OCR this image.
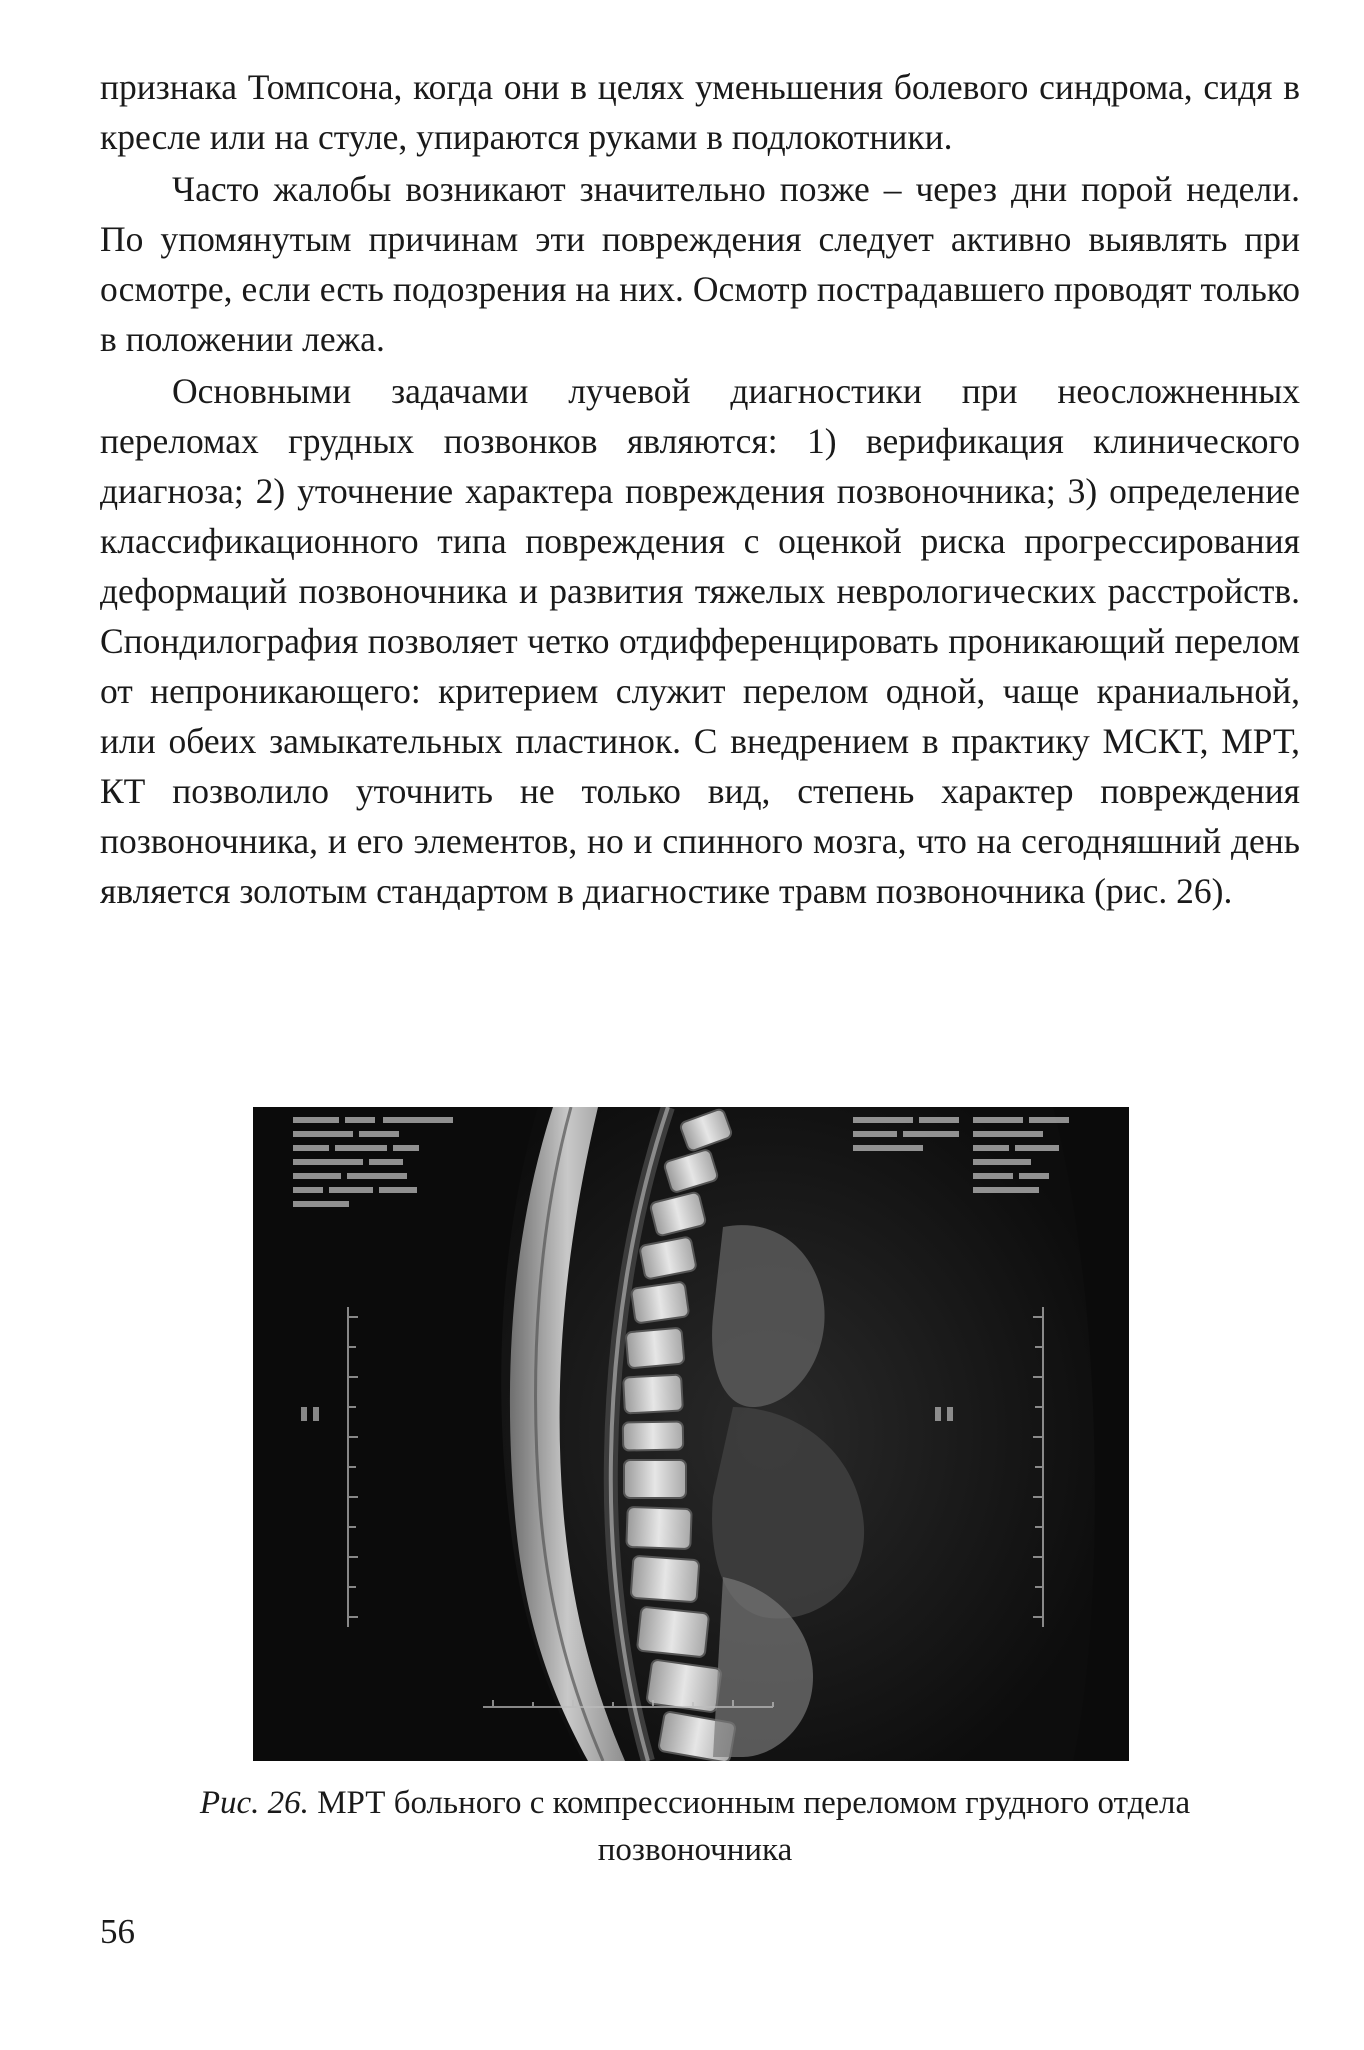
признака Томпсона, когда они в целях уменьшения болевого синдрома, сидя в кресле или на стуле, упираются руками в подлокотники.

Часто жалобы возникают значительно позже – через дни порой недели. По упомянутым причинам эти повреждения следует активно выявлять при осмотре, если есть подозрения на них. Осмотр пострадавшего проводят только в положении лежа.

Основными задачами лучевой диагностики при неосложненных переломах грудных позвонков являются: 1) верификация клинического диагноза; 2) уточнение характера повреждения позвоночника; 3) определение классификационного типа повреждения с оценкой риска прогрессирования деформаций позвоночника и развития тяжелых неврологических расстройств. Спондилография позволяет четко отдифференцировать проникающий перелом от непроникающего: критерием служит перелом одной, чаще краниальной, или обеих замыкательных пластинок. С внедрением в практику МСКТ, МРТ, КТ позволило уточнить не только вид, степень характер повреждения позвоночника, и его элементов, но и спинного мозга, что на сегодняшний день является золотым стандартом в диагностике травм позвоночника (рис. 26).

Рис. 26. МРТ больного с компрессионным переломом грудного отдела позвоночника
56
